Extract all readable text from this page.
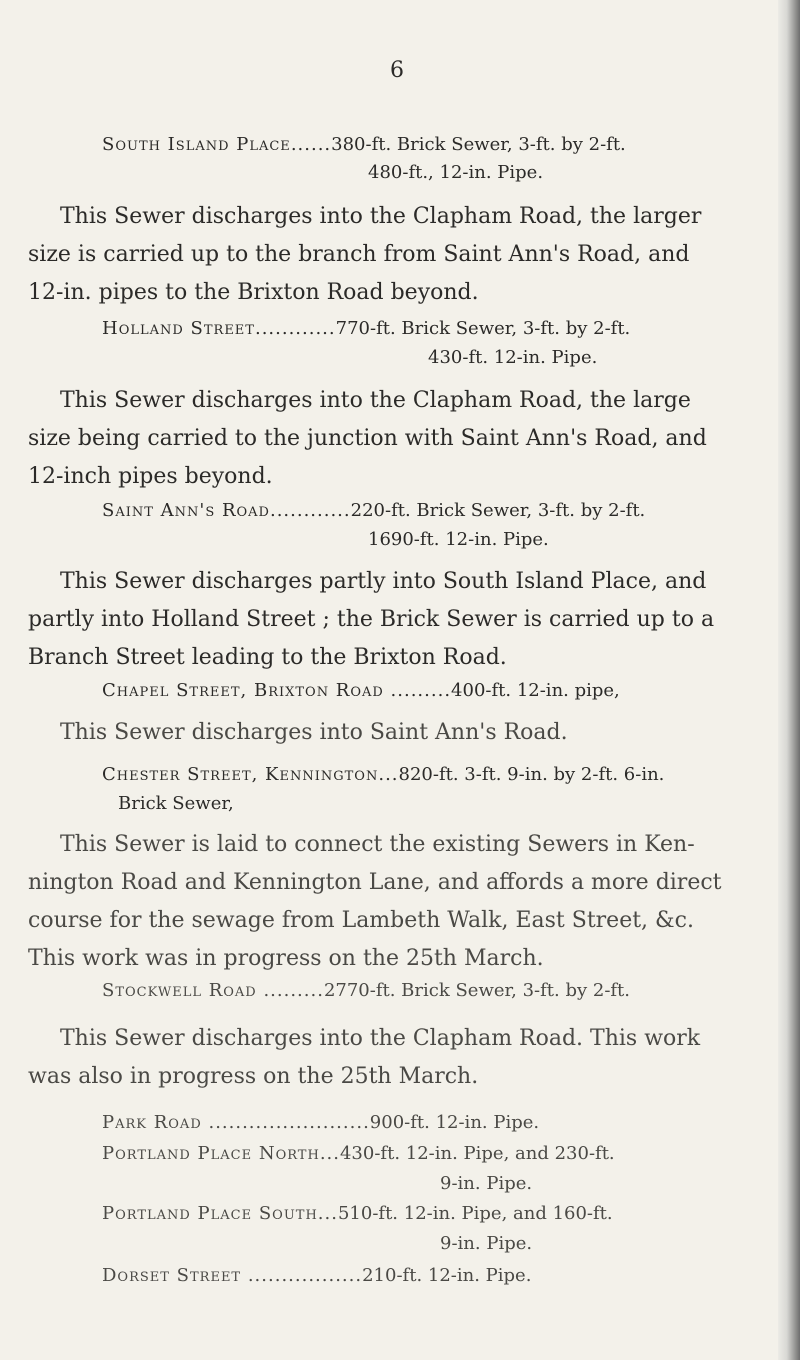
6
South Island Place......380-ft. Brick Sewer, 3-ft. by 2-ft.
480-ft., 12-in. Pipe.

This Sewer discharges into the Clapham Road, the larger
size is carried up to the branch from Saint Ann's Road, and
12-in. pipes to the Brixton Road beyond.

Holland Street............770-ft. Brick Sewer, 3-ft. by 2-ft.
430-ft. 12-in. Pipe.

This Sewer discharges into the Clapham Road, the large
size being carried to the junction with Saint Ann's Road, and
12-inch pipes beyond.

Saint Ann's Road............220-ft. Brick Sewer, 3-ft. by 2-ft.
1690-ft. 12-in. Pipe.

This Sewer discharges partly into South Island Place, and
partly into Holland Street ; the Brick Sewer is carried up to a
Branch Street leading to the Brixton Road.

Chapel Street, Brixton Road .........400-ft. 12-in. pipe,

This Sewer discharges into Saint Ann's Road.

Chester Street, Kennington...820-ft. 3-ft. 9-in. by 2-ft. 6-in.
Brick Sewer,

This Sewer is laid to connect the existing Sewers in Ken-
nington Road and Kennington Lane, and affords a more direct
course for the sewage from Lambeth Walk, East Street, &c.
This work was in progress on the 25th March.

Stockwell Road .........2770-ft. Brick Sewer, 3-ft. by 2-ft.

This Sewer discharges into the Clapham Road. This work
was also in progress on the 25th March.

Park Road ........................900-ft. 12-in. Pipe.
Portland Place North...430-ft. 12-in. Pipe, and 230-ft.
9-in. Pipe.
Portland Place South...510-ft. 12-in. Pipe, and 160-ft.
9-in. Pipe.
Dorset Street .................210-ft. 12-in. Pipe.
